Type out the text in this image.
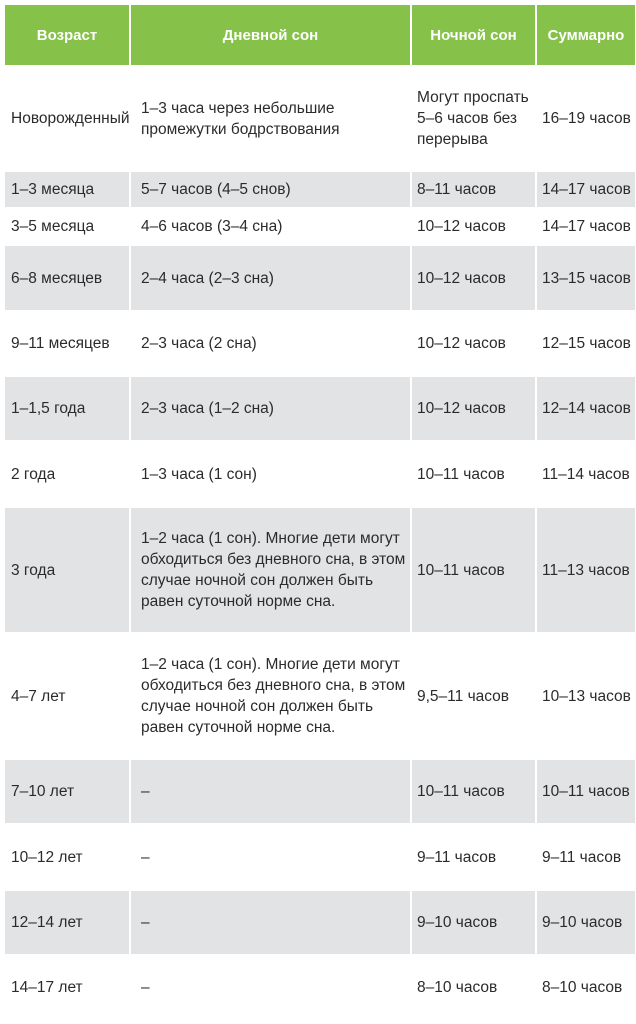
Возраст	Дневной сон	Ночной сон	Суммарно
Новорожденный	1–3 часа через небольшие промежутки бодрствования	Могут проспать 5–6 часов без перерыва	16–19 часов
1–3 месяца	5–7 часов (4–5 снов)	8–11 часов	14–17 часов
3–5 месяца	4–6 часов (3–4 сна)	10–12 часов	14–17 часов
6–8 месяцев	2–4 часа (2–3 сна)	10–12 часов	13–15 часов
9–11 месяцев	2–3 часа (2 сна)	10–12 часов	12–15 часов
1–1,5 года	2–3 часа (1–2 сна)	10–12 часов	12–14 часов
2 года	1–3 часа (1 сон)	10–11 часов	11–14 часов
3 года	1–2 часа (1 сон). Многие дети могут обходиться без дневного сна, в этом случае ночной сон должен быть равен суточной норме сна.	10–11 часов	11–13 часов
4–7 лет	1–2 часа (1 сон). Многие дети могут обходиться без дневного сна, в этом случае ночной сон должен быть равен суточной норме сна.	9,5–11 часов	10–13 часов
7–10 лет	–	10–11 часов	10–11 часов
10–12 лет	–	9–11 часов	9–11 часов
12–14 лет	–	9–10 часов	9–10 часов
14–17 лет	–	8–10 часов	8–10 часов
